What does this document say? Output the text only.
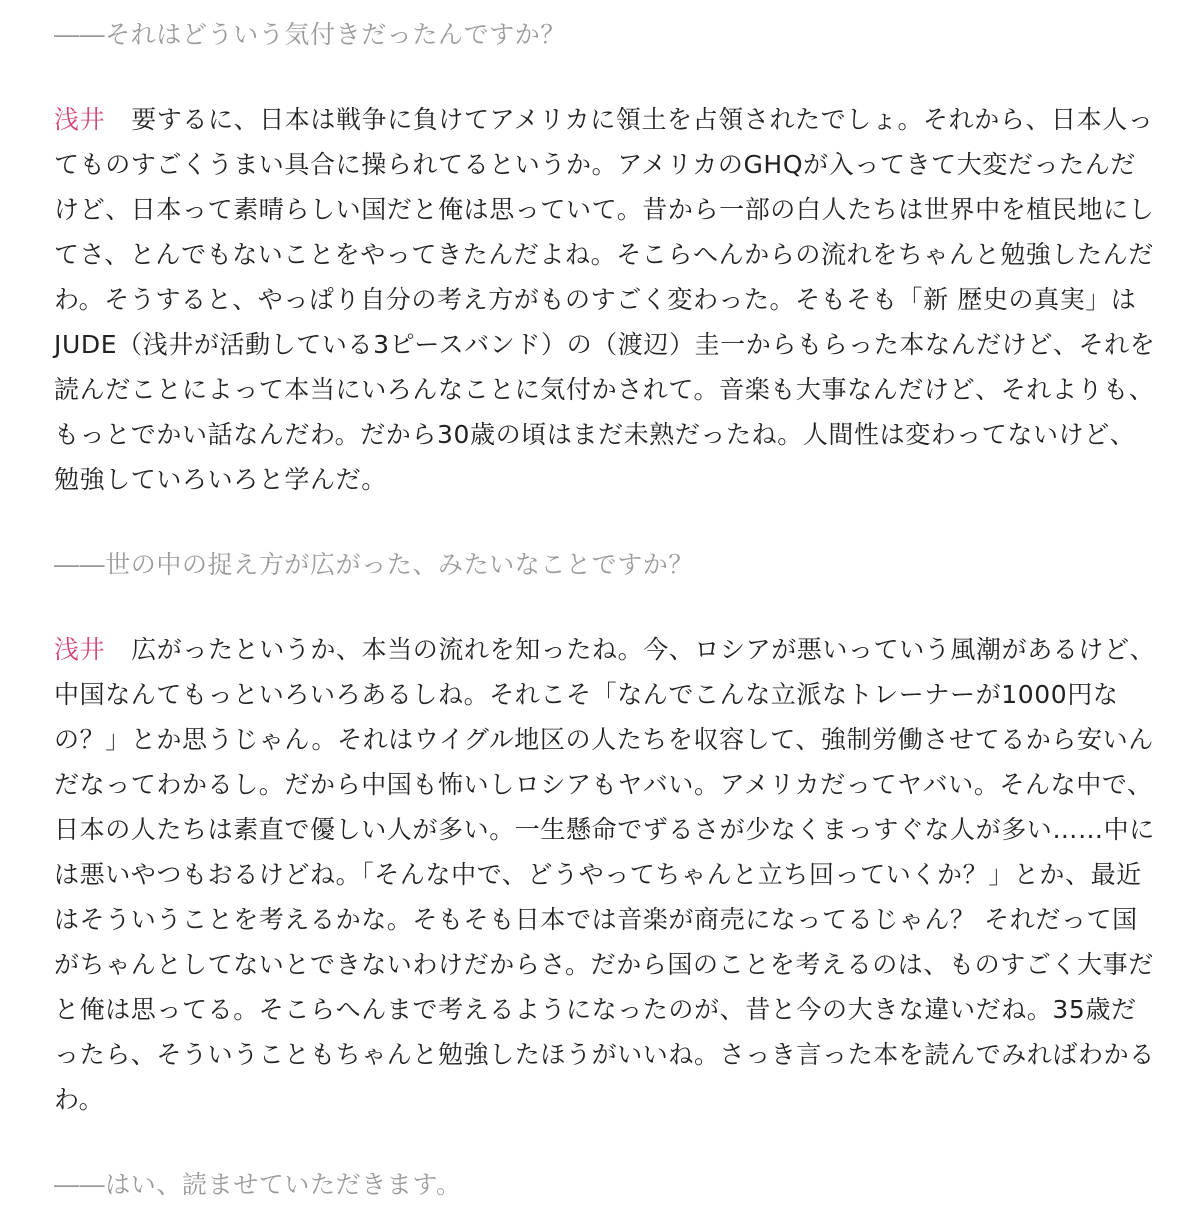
――それはどういう気付きだったんですか？

浅井 要するに、日本は戦争に負けてアメリカに領土を占領されたでしょ。それから、日本人ってものすごくうまい具合に操られてるというか。アメリカのGHQが入ってきて大変だったんだけど、日本って素晴らしい国だと俺は思っていて。昔から一部の白人たちは世界中を植民地にしてさ、とんでもないことをやってきたんだよね。そこらへんからの流れをちゃんと勉強したんだわ。そうすると、やっぱり自分の考え方がものすごく変わった。そもそも「新 歴史の真実」はJUDE（浅井が活動している3ピースバンド）の（渡辺）圭一からもらった本なんだけど、それを読んだことによって本当にいろんなことに気付かされて。音楽も大事なんだけど、それよりも、もっとでかい話なんだわ。だから30歳の頃はまだ未熟だったね。人間性は変わってないけど、勉強していろいろと学んだ。

――世の中の捉え方が広がった、みたいなことですか？

浅井 広がったというか、本当の流れを知ったね。今、ロシアが悪いっていう風潮があるけど、中国なんてもっといろいろあるしね。それこそ「なんでこんな立派なトレーナーが1000円なの？」とか思うじゃん。それはウイグル地区の人たちを収容して、強制労働させてるから安いんだなってわかるし。だから中国も怖いしロシアもヤバい。アメリカだってヤバい。そんな中で、日本の人たちは素直で優しい人が多い。一生懸命でずるさが少なくまっすぐな人が多い……中には悪いやつもおるけどね。「そんな中で、どうやってちゃんと立ち回っていくか？」とか、最近はそういうことを考えるかな。そもそも日本では音楽が商売になってるじゃん？ それだって国がちゃんとしてないとできないわけだからさ。だから国のことを考えるのは、ものすごく大事だと俺は思ってる。そこらへんまで考えるようになったのが、昔と今の大きな違いだね。35歳だったら、そういうこともちゃんと勉強したほうがいいね。さっき言った本を読んでみればわかるわ。

――はい、読ませていただきます。
